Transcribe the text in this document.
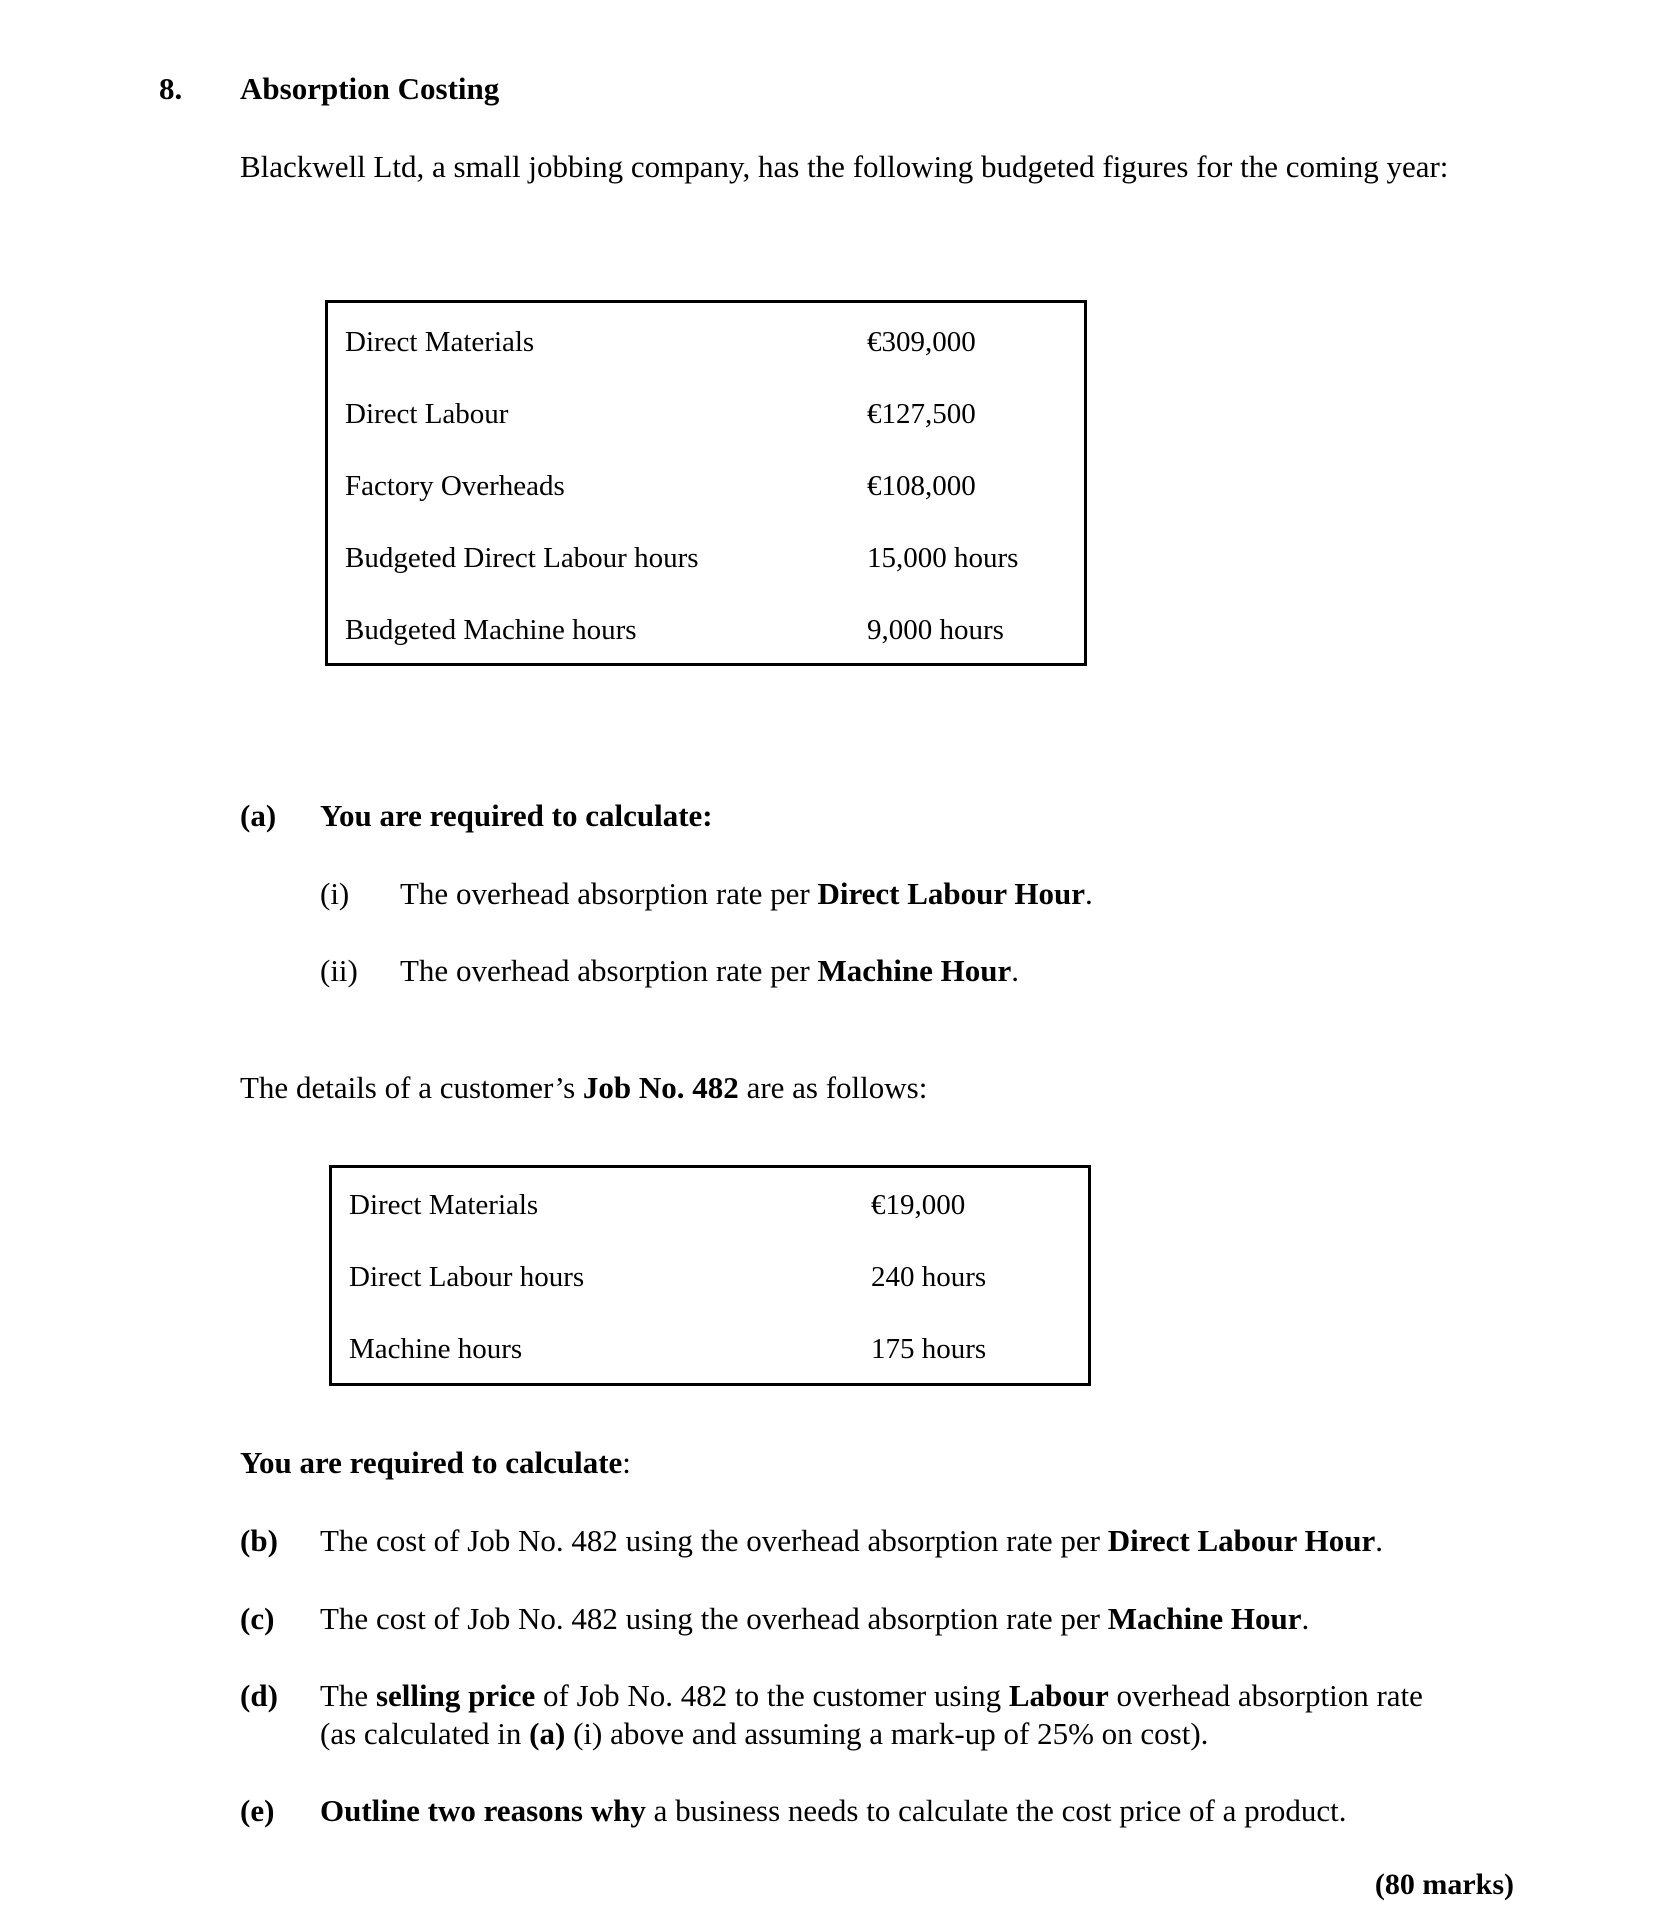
8. Absorption Costing
Blackwell Ltd, a small jobbing company, has the following budgeted figures for the coming year:
Direct Materials	€309,000
Direct Labour	€127,500
Factory Overheads	€108,000
Budgeted Direct Labour hours	15,000 hours
Budgeted Machine hours	9,000 hours
(a) You are required to calculate:
(i) The overhead absorption rate per Direct Labour Hour.
(ii) The overhead absorption rate per Machine Hour.
The details of a customer’s Job No. 482 are as follows:
Direct Materials	€19,000
Direct Labour hours	240 hours
Machine hours	175 hours
You are required to calculate:
(b) The cost of Job No. 482 using the overhead absorption rate per Direct Labour Hour.
(c) The cost of Job No. 482 using the overhead absorption rate per Machine Hour.
(d) The selling price of Job No. 482 to the customer using Labour overhead absorption rate
(as calculated in (a) (i) above and assuming a mark-up of 25% on cost).
(e) Outline two reasons why a business needs to calculate the cost price of a product.
(80 marks)
